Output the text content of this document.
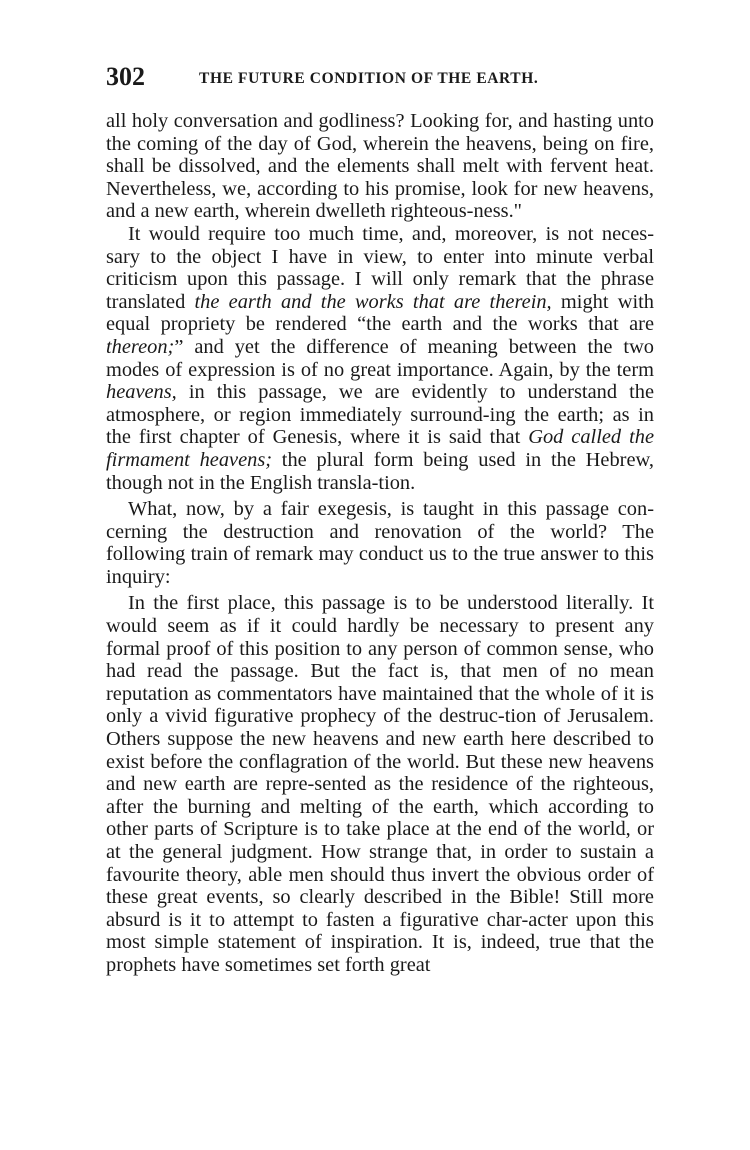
302	THE FUTURE CONDITION OF THE EARTH.

all holy conversation and godliness? Looking for, and hasting unto the coming of the day of God, wherein the heavens, being on fire, shall be dissolved, and the elements shall melt with fervent heat. Nevertheless, we, according to his promise, look for new heavens, and a new earth, wherein dwelleth righteous-ness."

It would require too much time, and, moreover, is not neces-sary to the object I have in view, to enter into minute verbal criticism upon this passage. I will only remark that the phrase translated the earth and the works that are therein, might with equal propriety be rendered “the earth and the works that are thereon;” and yet the difference of meaning between the two modes of expression is of no great importance. Again, by the term heavens, in this passage, we are evidently to understand the atmosphere, or region immediately surround-ing the earth; as in the first chapter of Genesis, where it is said that God called the firmament heavens; the plural form being used in the Hebrew, though not in the English transla-tion.

What, now, by a fair exegesis, is taught in this passage con-cerning the destruction and renovation of the world? The following train of remark may conduct us to the true answer to this inquiry:

In the first place, this passage is to be understood literally. It would seem as if it could hardly be necessary to present any formal proof of this position to any person of common sense, who had read the passage. But the fact is, that men of no mean reputation as commentators have maintained that the whole of it is only a vivid figurative prophecy of the destruc-tion of Jerusalem. Others suppose the new heavens and new earth here described to exist before the conflagration of the world. But these new heavens and new earth are repre-sented as the residence of the righteous, after the burning and melting of the earth, which according to other parts of Scripture is to take place at the end of the world, or at the general judgment. How strange that, in order to sustain a favourite theory, able men should thus invert the obvious order of these great events, so clearly described in the Bible! Still more absurd is it to attempt to fasten a figurative char-acter upon this most simple statement of inspiration. It is, indeed, true that the prophets have sometimes set forth great
